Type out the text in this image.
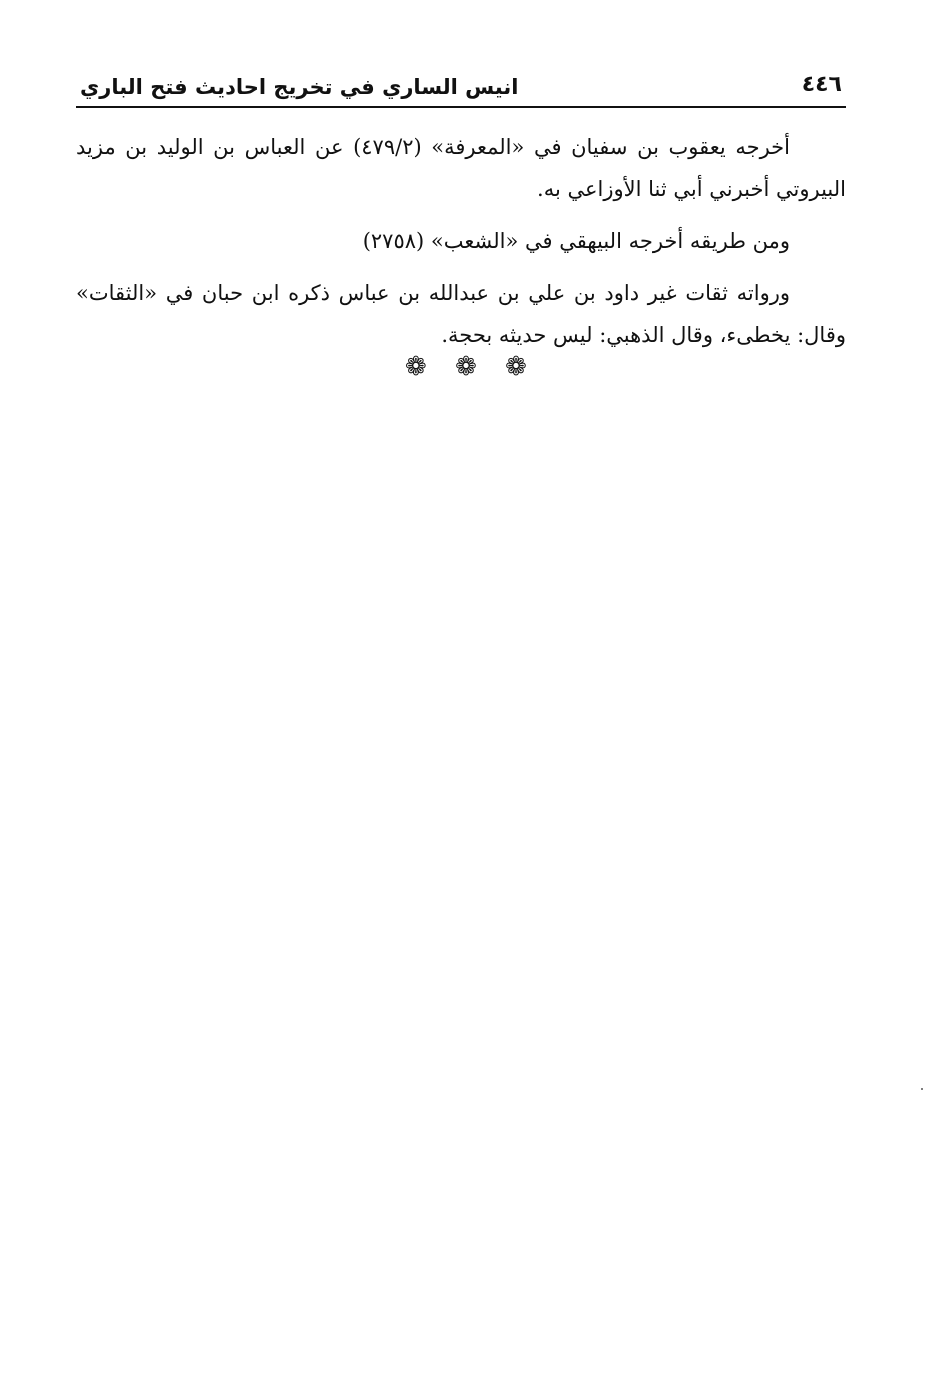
٤٤٦
انيس الساري في تخريج احاديث فتح الباري

أخرجه يعقوب بن سفيان في «المعرفة» (٤٧٩/٢) عن العباس بن الوليد بن مزيد البيروتي أخبرني أبي ثنا الأوزاعي به.

ومن طريقه أخرجه البيهقي في «الشعب» (٢٧٥٨)

ورواته ثقات غير داود بن علي بن عبدالله بن عباس ذكره ابن حبان في «الثقات» وقال: يخطىء، وقال الذهبي: ليس حديثه بحجة.

❁ ❁ ❁
